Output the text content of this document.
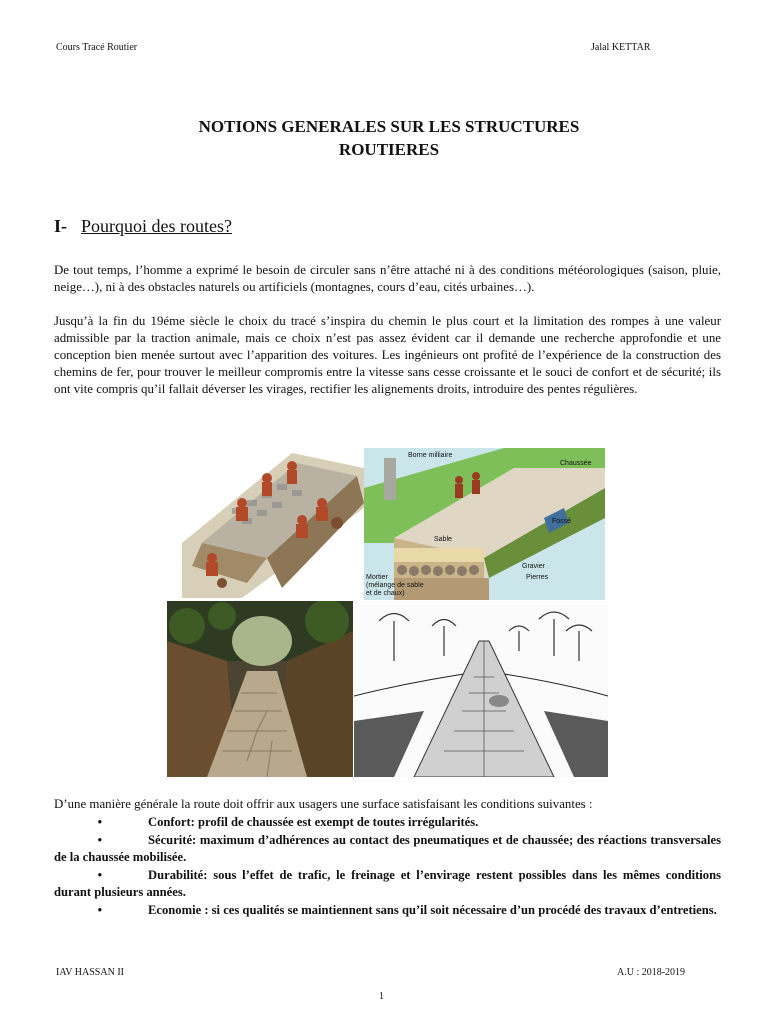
Cours Tracé Routier	Jalal KETTAR
NOTIONS GENERALES SUR LES STRUCTURES
ROUTIERES
I- Pourquoi des routes?

De tout temps, l’homme a exprimé le besoin de circuler sans n’être attaché ni à des conditions météorologiques (saison, pluie, neige…), ni à des obstacles naturels ou artificiels (montagnes, cours d’eau, cités urbaines…).

Jusqu’à la fin du 19éme siècle le choix du tracé s’inspira du chemin le plus court et la limitation des rompes à une valeur admissible par la traction animale, mais ce choix n’est pas assez évident car il demande une recherche approfondie et une conception bien menée surtout avec l’apparition des voitures. Les ingénieurs ont profité de l’expérience de la construction des chemins de fer, pour trouver le meilleur compromis entre la vitesse sans cesse croissante et le souci de confort et de sécurité; ils ont vite compris qu’il fallait déverser les virages, rectifier les alignements droits, introduire des pentes régulières.

Borne milliaire
Chaussée
Fossé
Sable
Gravier
Pierres
Mortier
(mélange de sable
et de chaux)
D’une manière générale la route doit offrir aux usagers une surface satisfaisant les conditions suivantes :
•	Confort: profil de chaussée est exempt de toutes irrégularités.
•	Sécurité: maximum d’adhérences au contact des pneumatiques et de chaussée; des réactions transversales de la chaussée mobilisée.
•	Durabilité: sous l’effet de trafic, le freinage et l’envirage restent possibles dans les mêmes conditions durant plusieurs années.
•	Economie : si ces qualités se maintiennent sans qu’il soit nécessaire d’un procédé des travaux d’entretiens.
IAV HASSAN II	A.U : 2018-2019
1
